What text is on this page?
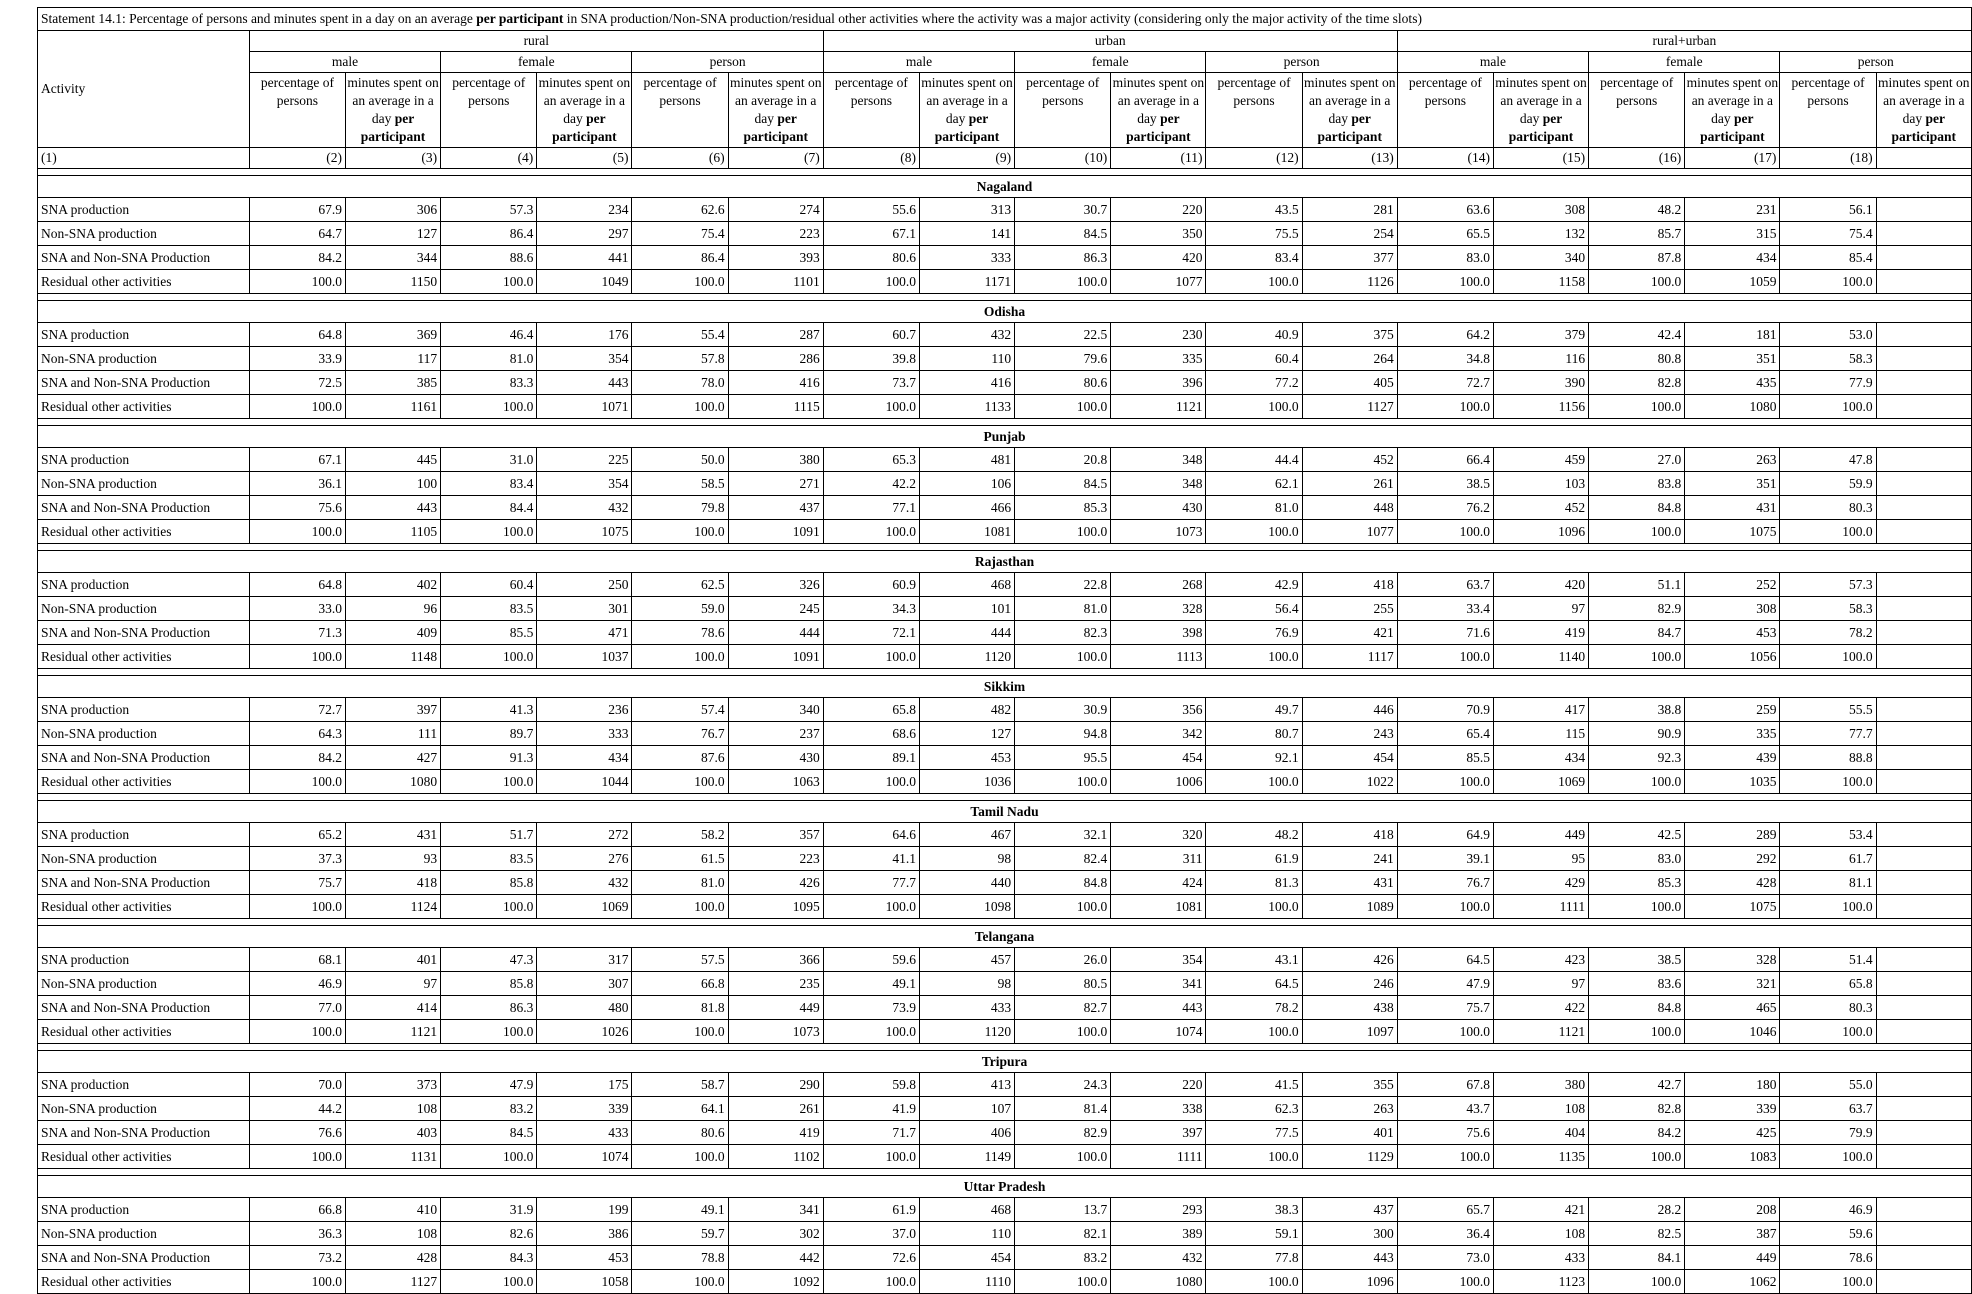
Statement 14.1: Percentage of persons and minutes spent in a day on an average per participant in SNA production/Non-SNA production/residual other activities where the activity was a major activity (considering only the major activity of the time slots)																		
Activity	rural						urban						rural+urban					
	male		female		person		male		female		person		male		female		person	
	percentage of persons	minutes spent on an average in a day per participant	percentage of persons	minutes spent on an average in a day per participant	percentage of persons	minutes spent on an average in a day per participant	percentage of persons	minutes spent on an average in a day per participant	percentage of persons	minutes spent on an average in a day per participant	percentage of persons	minutes spent on an average in a day per participant	percentage of persons	minutes spent on an average in a day per participant	percentage of persons	minutes spent on an average in a day per participant	percentage of persons	minutes spent on an average in a day per participant
(1)	(2)	(3)	(4)	(5)	(6)	(7)	(8)	(9)	(10)	(11)	(12)	(13)	(14)	(15)	(16)	(17)	(18)	

Nagaland																		
SNA production	67.9	306	57.3	234	62.6	274	55.6	313	30.7	220	43.5	281	63.6	308	48.2	231	56.1	
Non-SNA production	64.7	127	86.4	297	75.4	223	67.1	141	84.5	350	75.5	254	65.5	132	85.7	315	75.4	
SNA and Non-SNA Production	84.2	344	88.6	441	86.4	393	80.6	333	86.3	420	83.4	377	83.0	340	87.8	434	85.4	
Residual other activities	100.0	1150	100.0	1049	100.0	1101	100.0	1171	100.0	1077	100.0	1126	100.0	1158	100.0	1059	100.0	

Odisha																		
SNA production	64.8	369	46.4	176	55.4	287	60.7	432	22.5	230	40.9	375	64.2	379	42.4	181	53.0	
Non-SNA production	33.9	117	81.0	354	57.8	286	39.8	110	79.6	335	60.4	264	34.8	116	80.8	351	58.3	
SNA and Non-SNA Production	72.5	385	83.3	443	78.0	416	73.7	416	80.6	396	77.2	405	72.7	390	82.8	435	77.9	
Residual other activities	100.0	1161	100.0	1071	100.0	1115	100.0	1133	100.0	1121	100.0	1127	100.0	1156	100.0	1080	100.0	

Punjab																		
SNA production	67.1	445	31.0	225	50.0	380	65.3	481	20.8	348	44.4	452	66.4	459	27.0	263	47.8	
Non-SNA production	36.1	100	83.4	354	58.5	271	42.2	106	84.5	348	62.1	261	38.5	103	83.8	351	59.9	
SNA and Non-SNA Production	75.6	443	84.4	432	79.8	437	77.1	466	85.3	430	81.0	448	76.2	452	84.8	431	80.3	
Residual other activities	100.0	1105	100.0	1075	100.0	1091	100.0	1081	100.0	1073	100.0	1077	100.0	1096	100.0	1075	100.0	

Rajasthan																		
SNA production	64.8	402	60.4	250	62.5	326	60.9	468	22.8	268	42.9	418	63.7	420	51.1	252	57.3	
Non-SNA production	33.0	96	83.5	301	59.0	245	34.3	101	81.0	328	56.4	255	33.4	97	82.9	308	58.3	
SNA and Non-SNA Production	71.3	409	85.5	471	78.6	444	72.1	444	82.3	398	76.9	421	71.6	419	84.7	453	78.2	
Residual other activities	100.0	1148	100.0	1037	100.0	1091	100.0	1120	100.0	1113	100.0	1117	100.0	1140	100.0	1056	100.0	

Sikkim																		
SNA production	72.7	397	41.3	236	57.4	340	65.8	482	30.9	356	49.7	446	70.9	417	38.8	259	55.5	
Non-SNA production	64.3	111	89.7	333	76.7	237	68.6	127	94.8	342	80.7	243	65.4	115	90.9	335	77.7	
SNA and Non-SNA Production	84.2	427	91.3	434	87.6	430	89.1	453	95.5	454	92.1	454	85.5	434	92.3	439	88.8	
Residual other activities	100.0	1080	100.0	1044	100.0	1063	100.0	1036	100.0	1006	100.0	1022	100.0	1069	100.0	1035	100.0	

Tamil Nadu																		
SNA production	65.2	431	51.7	272	58.2	357	64.6	467	32.1	320	48.2	418	64.9	449	42.5	289	53.4	
Non-SNA production	37.3	93	83.5	276	61.5	223	41.1	98	82.4	311	61.9	241	39.1	95	83.0	292	61.7	
SNA and Non-SNA Production	75.7	418	85.8	432	81.0	426	77.7	440	84.8	424	81.3	431	76.7	429	85.3	428	81.1	
Residual other activities	100.0	1124	100.0	1069	100.0	1095	100.0	1098	100.0	1081	100.0	1089	100.0	1111	100.0	1075	100.0	

Telangana																		
SNA production	68.1	401	47.3	317	57.5	366	59.6	457	26.0	354	43.1	426	64.5	423	38.5	328	51.4	
Non-SNA production	46.9	97	85.8	307	66.8	235	49.1	98	80.5	341	64.5	246	47.9	97	83.6	321	65.8	
SNA and Non-SNA Production	77.0	414	86.3	480	81.8	449	73.9	433	82.7	443	78.2	438	75.7	422	84.8	465	80.3	
Residual other activities	100.0	1121	100.0	1026	100.0	1073	100.0	1120	100.0	1074	100.0	1097	100.0	1121	100.0	1046	100.0	

Tripura																		
SNA production	70.0	373	47.9	175	58.7	290	59.8	413	24.3	220	41.5	355	67.8	380	42.7	180	55.0	
Non-SNA production	44.2	108	83.2	339	64.1	261	41.9	107	81.4	338	62.3	263	43.7	108	82.8	339	63.7	
SNA and Non-SNA Production	76.6	403	84.5	433	80.6	419	71.7	406	82.9	397	77.5	401	75.6	404	84.2	425	79.9	
Residual other activities	100.0	1131	100.0	1074	100.0	1102	100.0	1149	100.0	1111	100.0	1129	100.0	1135	100.0	1083	100.0	

Uttar Pradesh																		
SNA production	66.8	410	31.9	199	49.1	341	61.9	468	13.7	293	38.3	437	65.7	421	28.2	208	46.9	
Non-SNA production	36.3	108	82.6	386	59.7	302	37.0	110	82.1	389	59.1	300	36.4	108	82.5	387	59.6	
SNA and Non-SNA Production	73.2	428	84.3	453	78.8	442	72.6	454	83.2	432	77.8	443	73.0	433	84.1	449	78.6	
Residual other activities	100.0	1127	100.0	1058	100.0	1092	100.0	1110	100.0	1080	100.0	1096	100.0	1123	100.0	1062	100.0	
